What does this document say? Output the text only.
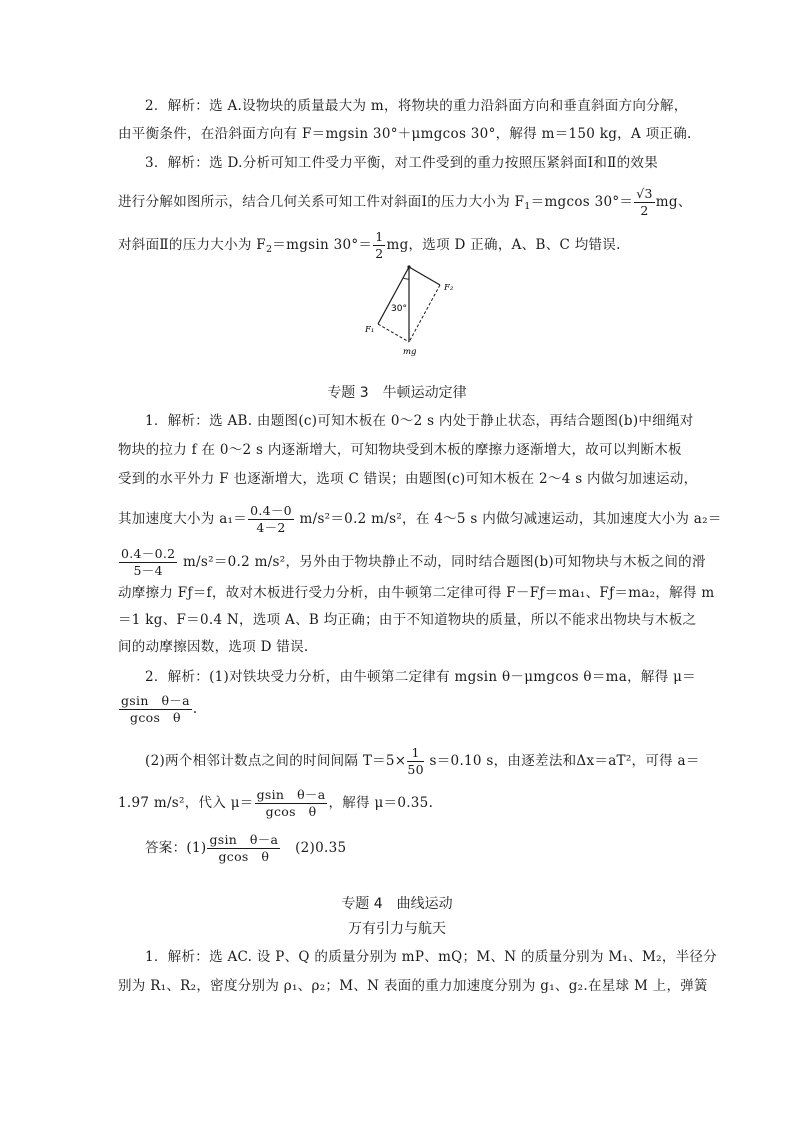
2．解析：选 A.设物块的质量最大为 m，将物块的重力沿斜面方向和垂直斜面方向分解，
由平衡条件，在沿斜面方向有 F＝mgsin 30°＋μmgcos 30°，解得 m＝150 kg，A 项正确.
3．解析：选 D.分析可知工件受力平衡，对工件受到的重力按照压紧斜面Ⅰ和Ⅱ的效果
进行分解如图所示，结合几何关系可知工件对斜面Ⅰ的压力大小为 $F_1=mgcos$ $30^\circ= \frac{√3}{2}$ mg、
对斜面Ⅱ的压力大小为 $F_2=mgsin$ $30^\circ= \frac{1}{2}$ mg，选项 D 正确，A、B、C 均错误.
30°
F₂
F₁
mg
专题 3　牛顿运动定律
1．解析：选 AB. 由题图(c)可知木板在 0～2 s 内处于静止状态，再结合题图(b)中细绳对
物块的拉力 f 在 0～2 s 内逐渐增大，可知物块受到木板的摩擦力逐渐增大，故可以判断木板
受到的水平外力 F 也逐渐增大，选项 C 错误；由题图(c)可知木板在 2～4 s 内做匀加速运动，
其加速度大小为 $a_1= \frac{0.4-0}{4-2} m/s^2=0.2$ m/s²，在 4～5 s 内做匀减速运动，其加速度大小为 a₂＝
$\frac{0.4-0.2}{5-4} m/s^2=0.2$ m/s²，另外由于物块静止不动，同时结合题图(b)可知物块与木板之间的滑
动摩擦力 Fƒ＝f，故对木板进行受力分析，由牛顿第二定律可得 F－Fƒ＝ma₁、Fƒ＝ma₂，解得 m
＝1 kg、F＝0.4 N，选项 A、B 均正确；由于不知道物块的质量，所以不能求出物块与木板之
间的动摩擦因数，选项 D 错误.
2．解析：(1)对铁块受力分析，由牛顿第二定律有 mgsin θ－μmgcos θ＝ma，解得 μ＝
$\frac{\text{gsin　θ－a}}{\text{gcos　θ}}$ .
(2)两个相邻计数点之间的时间间隔 $T=5\times \frac{1}{50} s=0.10$ s，由逐差法和Δx＝aT²，可得 a＝
1.97 m/s²，代入 $\mu= \frac{\text{gsin　θ－a}}{\text{gcos　θ}}$ ，解得 μ＝0.35.
答案：$(1) \frac{\text{gsin　θ－a}}{\text{gcos　θ}}$ 　(2)0.35
专题 4　曲线运动
万有引力与航天
1．解析：选 AC. 设 P、Q 的质量分别为 mP、mQ；M、N 的质量分别为 M₁、M₂，半径分
别为 R₁、R₂，密度分别为 ρ₁、ρ₂；M、N 表面的重力加速度分别为 g₁、g₂.在星球 M 上，弹簧
